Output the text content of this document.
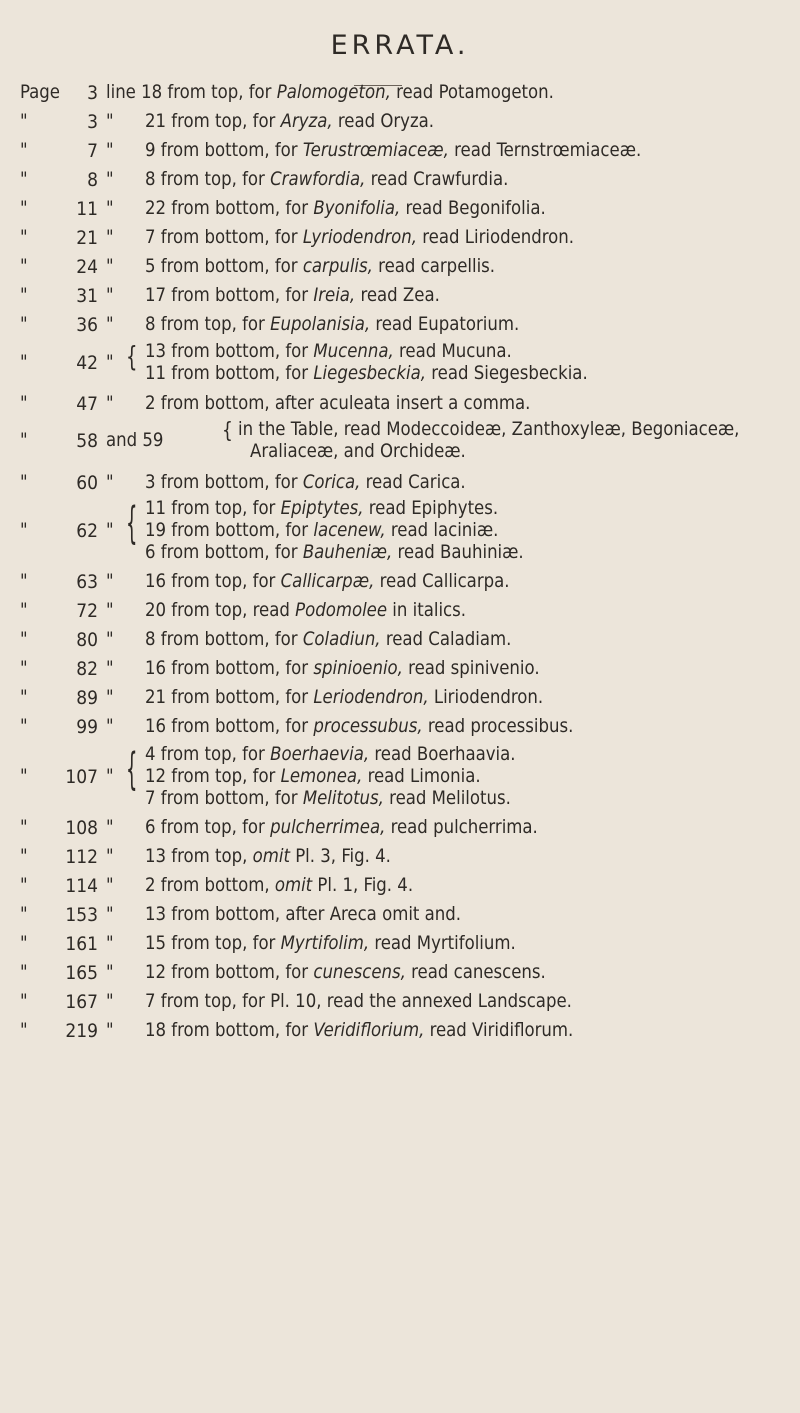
ERRATA.
Page	3 line 18 from top, for Palomogeton, read Potamogeton.
"	3 " 21 from top, for Aryza, read Oryza.
"	7 " 9 from bottom, for Terustrœmiaceæ, read Ternstrœmiaceæ.
"	8 " 8 from top, for Crawfordia, read Crawfurdia.
"	11 " 22 from bottom, for Byonifolia, read Begonifolia.
"	21 " 7 from bottom, for Lyriodendron, read Liriodendron.
"	24 " 5 from bottom, for carpulis, read carpellis.
"	31 " 17 from bottom, for Ireia, read Zea.
"	36 " 8 from top, for Eupolanisia, read Eupatorium.
"	42 " { 13 from bottom, for Mucenna, read Mucuna.
11 from bottom, for Liegesbeckia, read Siegesbeckia.
"	47 " 2 from bottom, after aculeata insert a comma.
"	58 and 59	{ in the Table, read Modeccoideæ, Zanthoxyleæ, Begoniaceæ,
Araliaceæ, and Orchideæ.
"	60 " 3 from bottom, for Corica, read Carica.
"	62 " { 11 from top, for Epiptytes, read Epiphytes.
19 from bottom, for lacenew, read laciniæ.
6 from bottom, for Bauheniæ, read Bauhiniæ.
"	63 " 16 from top, for Callicarpæ, read Callicarpa.
"	72 " 20 from top, read Podomolee in italics.
"	80 " 8 from bottom, for Coladiun, read Caladiam.
"	82 " 16 from bottom, for spinioenio, read spinivenio.
"	89 " 21 from bottom, for Leriodendron, Liriodendron.
"	99 " 16 from bottom, for processubus, read processibus.
" 107 " { 4 from top, for Boerhaevia, read Boerhaavia.
12 from top, for Lemonea, read Limonia.
7 from bottom, for Melitotus, read Melilotus.
" 108 " 6 from top, for pulcherrimea, read pulcherrima.
" 112 " 13 from top, omit Pl. 3, Fig. 4.
" 114 " 2 from bottom, omit Pl. 1, Fig. 4.
" 153 " 13 from bottom, after Areca omit and.
" 161 " 15 from top, for Myrtifolim, read Myrtifolium.
" 165 " 12 from bottom, for cunescens, read canescens.
" 167 " 7 from top, for Pl. 10, read the annexed Landscape.
" 219 " 18 from bottom, for Veridiflorium, read Viridiflorum.
